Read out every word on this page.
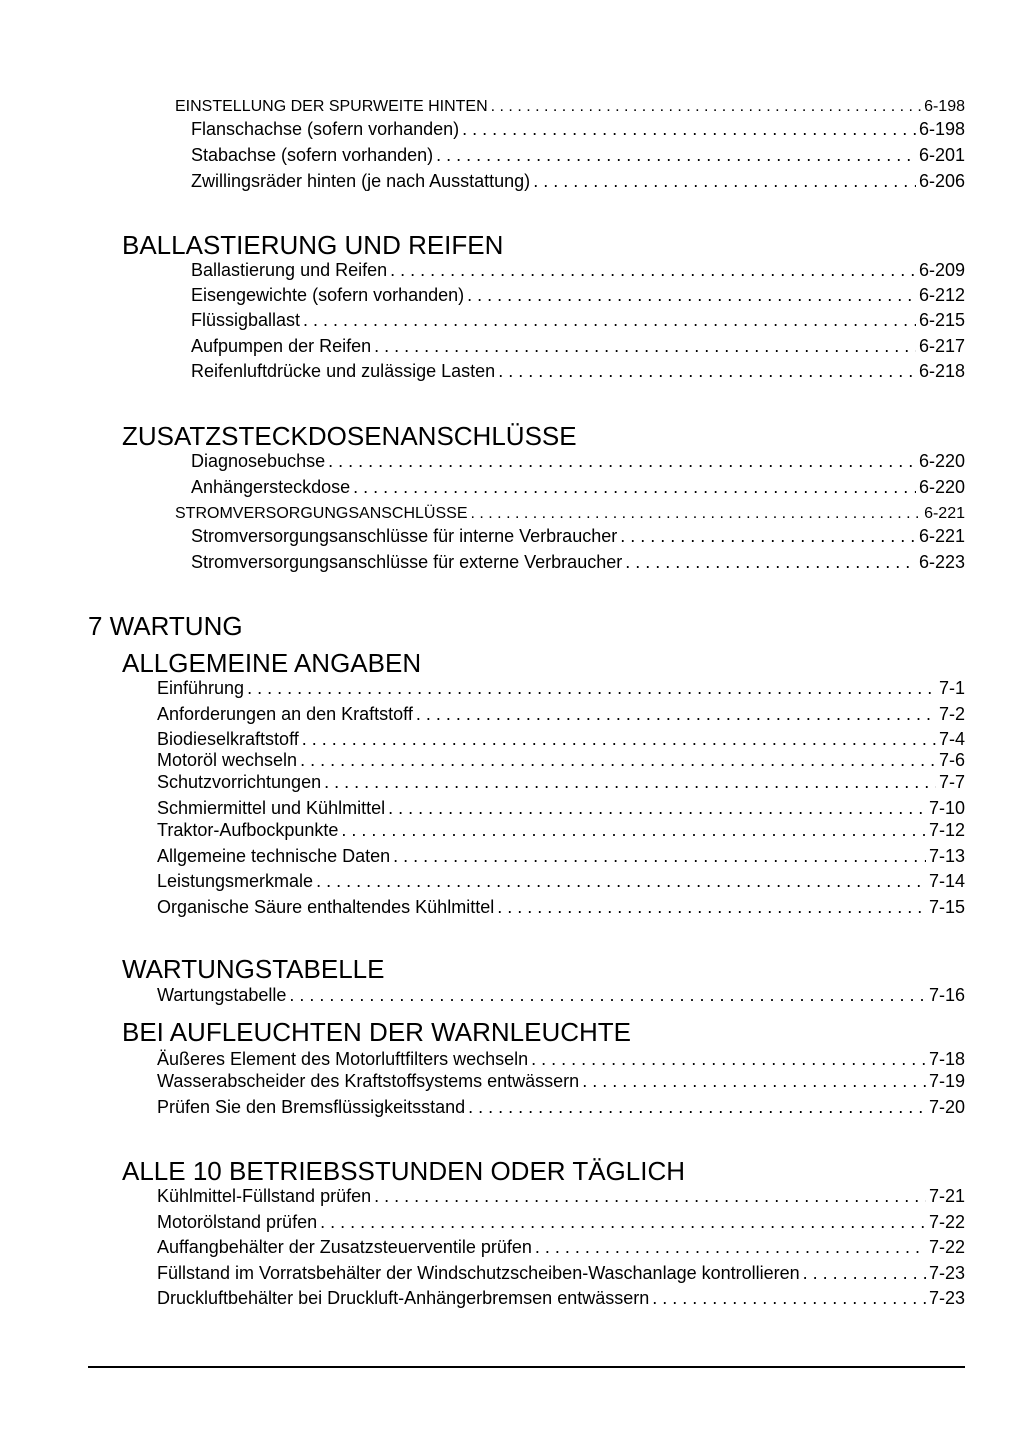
EINSTELLUNG DER SPURWEITE HINTEN . . .	6-198
Flanschachse (sofern vorhanden) . . .	6-198
Stabachse (sofern vorhanden) . . .	6-201
Zwillingsräder hinten (je nach Ausstattung) . . .	6-206
BALLASTIERUNG UND REIFEN
Ballastierung und Reifen . . .	6-209
Eisengewichte (sofern vorhanden) . . .	6-212
Flüssigballast . . .	6-215
Aufpumpen der Reifen . . .	6-217
Reifenluftdrücke und zulässige Lasten . . .	6-218
ZUSATZSTECKDOSENANSCHLÜSSE
Diagnosebuchse . . .	6-220
Anhängersteckdose . . .	6-220
STROMVERSORGUNGSANSCHLÜSSE . . .	6-221
Stromversorgungsanschlüsse für interne Verbraucher . . .	6-221
Stromversorgungsanschlüsse für externe Verbraucher . . .	6-223
7 WARTUNG
ALLGEMEINE ANGABEN
Einführung . . .	7-1
Anforderungen an den Kraftstoff . . .	7-2
Biodieselkraftstoff . . .	7-4
Motoröl wechseln . . .	7-6
Schutzvorrichtungen . . .	7-7
Schmiermittel und Kühlmittel . . .	7-10
Traktor-Aufbockpunkte . . .	7-12
Allgemeine technische Daten . . .	7-13
Leistungsmerkmale . . .	7-14
Organische Säure enthaltendes Kühlmittel . . .	7-15
WARTUNGSTABELLE
Wartungstabelle . . .	7-16
BEI AUFLEUCHTEN DER WARNLEUCHTE
Äußeres Element des Motorluftfilters wechseln . . .	7-18
Wasserabscheider des Kraftstoffsystems entwässern . . .	7-19
Prüfen Sie den Bremsflüssigkeitsstand . . .	7-20
ALLE 10 BETRIEBSSTUNDEN ODER TÄGLICH
Kühlmittel-Füllstand prüfen . . .	7-21
Motorölstand prüfen . . .	7-22
Auffangbehälter der Zusatzsteuerventile prüfen . . .	7-22
Füllstand im Vorratsbehälter der Windschutzscheiben-Waschanlage kontrollieren . . .	7-23
Druckluftbehälter bei Druckluft-Anhängerbremsen entwässern . . .	7-23
